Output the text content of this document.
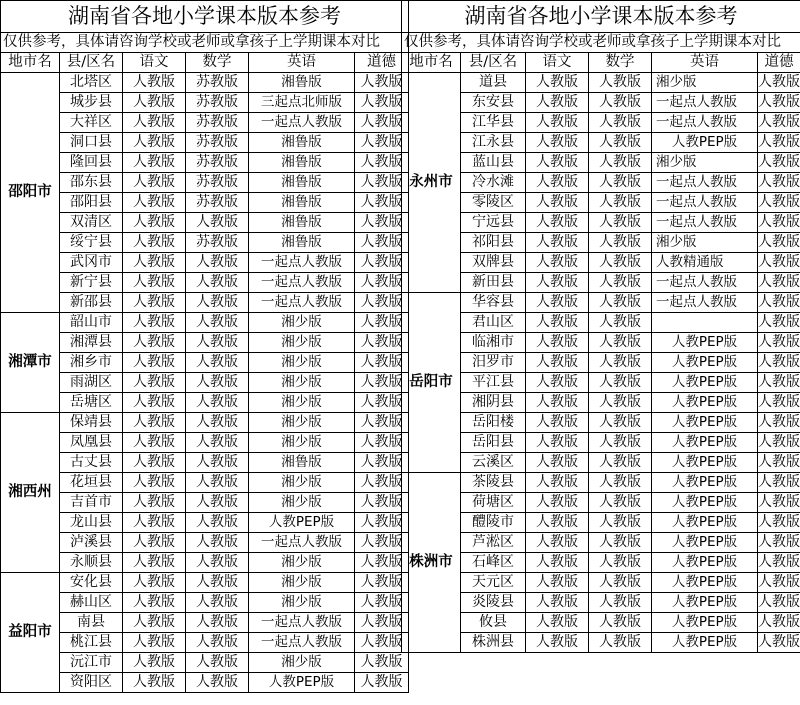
湖南省各地小学课本版本参考					
仅供参考，具体请咨询学校或老师或拿孩子上学期课本对比					
地市名	县/区名	语文	数学	英语	道德
邵阳市	北塔区	人教版	苏教版	湘鲁版	人教版
	城步县	人教版	苏教版	三起点北师版	人教版
	大祥区	人教版	苏教版	一起点人教版	人教版
	洞口县	人教版	苏教版	湘鲁版	人教版
	隆回县	人教版	苏教版	湘鲁版	人教版
	邵东县	人教版	苏教版	湘鲁版	人教版
	邵阳县	人教版	苏教版	湘鲁版	人教版
	双清区	人教版	人教版	湘鲁版	人教版
	绥宁县	人教版	苏教版	湘鲁版	人教版
	武冈市	人教版	人教版	一起点人教版	人教版
	新宁县	人教版	人教版	一起点人教版	人教版
	新邵县	人教版	人教版	一起点人教版	人教版
湘潭市	韶山市	人教版	人教版	湘少版	人教版
	湘潭县	人教版	人教版	湘少版	人教版
	湘乡市	人教版	人教版	湘少版	人教版
	雨湖区	人教版	人教版	湘少版	人教版
	岳塘区	人教版	人教版	湘少版	人教版
湘西州	保靖县	人教版	人教版	湘少版	人教版
	凤凰县	人教版	人教版	湘少版	人教版
	古丈县	人教版	人教版	湘鲁版	人教版
	花垣县	人教版	人教版	湘少版	人教版
	吉首市	人教版	人教版	湘少版	人教版
	龙山县	人教版	人教版	人教PEP版	人教版
	泸溪县	人教版	人教版	一起点人教版	人教版
	永顺县	人教版	人教版	湘少版	人教版
益阳市	安化县	人教版	人教版	湘少版	人教版
	赫山区	人教版	人教版	湘少版	人教版
	南县	人教版	人教版	一起点人教版	人教版
	桃江县	人教版	人教版	一起点人教版	人教版
	沅江市	人教版	人教版	湘少版	人教版
	资阳区	人教版	人教版	人教PEP版	人教版
湖南省各地小学课本版本参考					
仅供参考，具体请咨询学校或老师或拿孩子上学期课本对比					
地市名	县/区名	语文	数学	英语	道德
永州市	道县	人教版	人教版	湘少版	人教版
	东安县	人教版	人教版	一起点人教版	人教版
	江华县	人教版	人教版	一起点人教版	人教版
	江永县	人教版	人教版	人教PEP版	人教版
	蓝山县	人教版	人教版	湘少版	人教版
	冷水滩	人教版	人教版	一起点人教版	人教版
	零陵区	人教版	人教版	一起点人教版	人教版
	宁远县	人教版	人教版	一起点人教版	人教版
	祁阳县	人教版	人教版	湘少版	人教版
	双牌县	人教版	人教版	人教精通版	人教版
	新田县	人教版	人教版	一起点人教版	人教版
岳阳市	华容县	人教版	人教版	一起点人教版	人教版
	君山区	人教版	人教版		人教版
	临湘市	人教版	人教版	人教PEP版	人教版
	汨罗市	人教版	人教版	人教PEP版	人教版
	平江县	人教版	人教版	人教PEP版	人教版
	湘阴县	人教版	人教版	人教PEP版	人教版
	岳阳楼	人教版	人教版	人教PEP版	人教版
	岳阳县	人教版	人教版	人教PEP版	人教版
	云溪区	人教版	人教版	人教PEP版	人教版
株洲市	茶陵县	人教版	人教版	人教PEP版	人教版
	荷塘区	人教版	人教版	人教PEP版	人教版
	醴陵市	人教版	人教版	人教PEP版	人教版
	芦淞区	人教版	人教版	人教PEP版	人教版
	石峰区	人教版	人教版	人教PEP版	人教版
	天元区	人教版	人教版	人教PEP版	人教版
	炎陵县	人教版	人教版	人教PEP版	人教版
	攸县	人教版	人教版	人教PEP版	人教版
	株洲县	人教版	人教版	人教PEP版	人教版
